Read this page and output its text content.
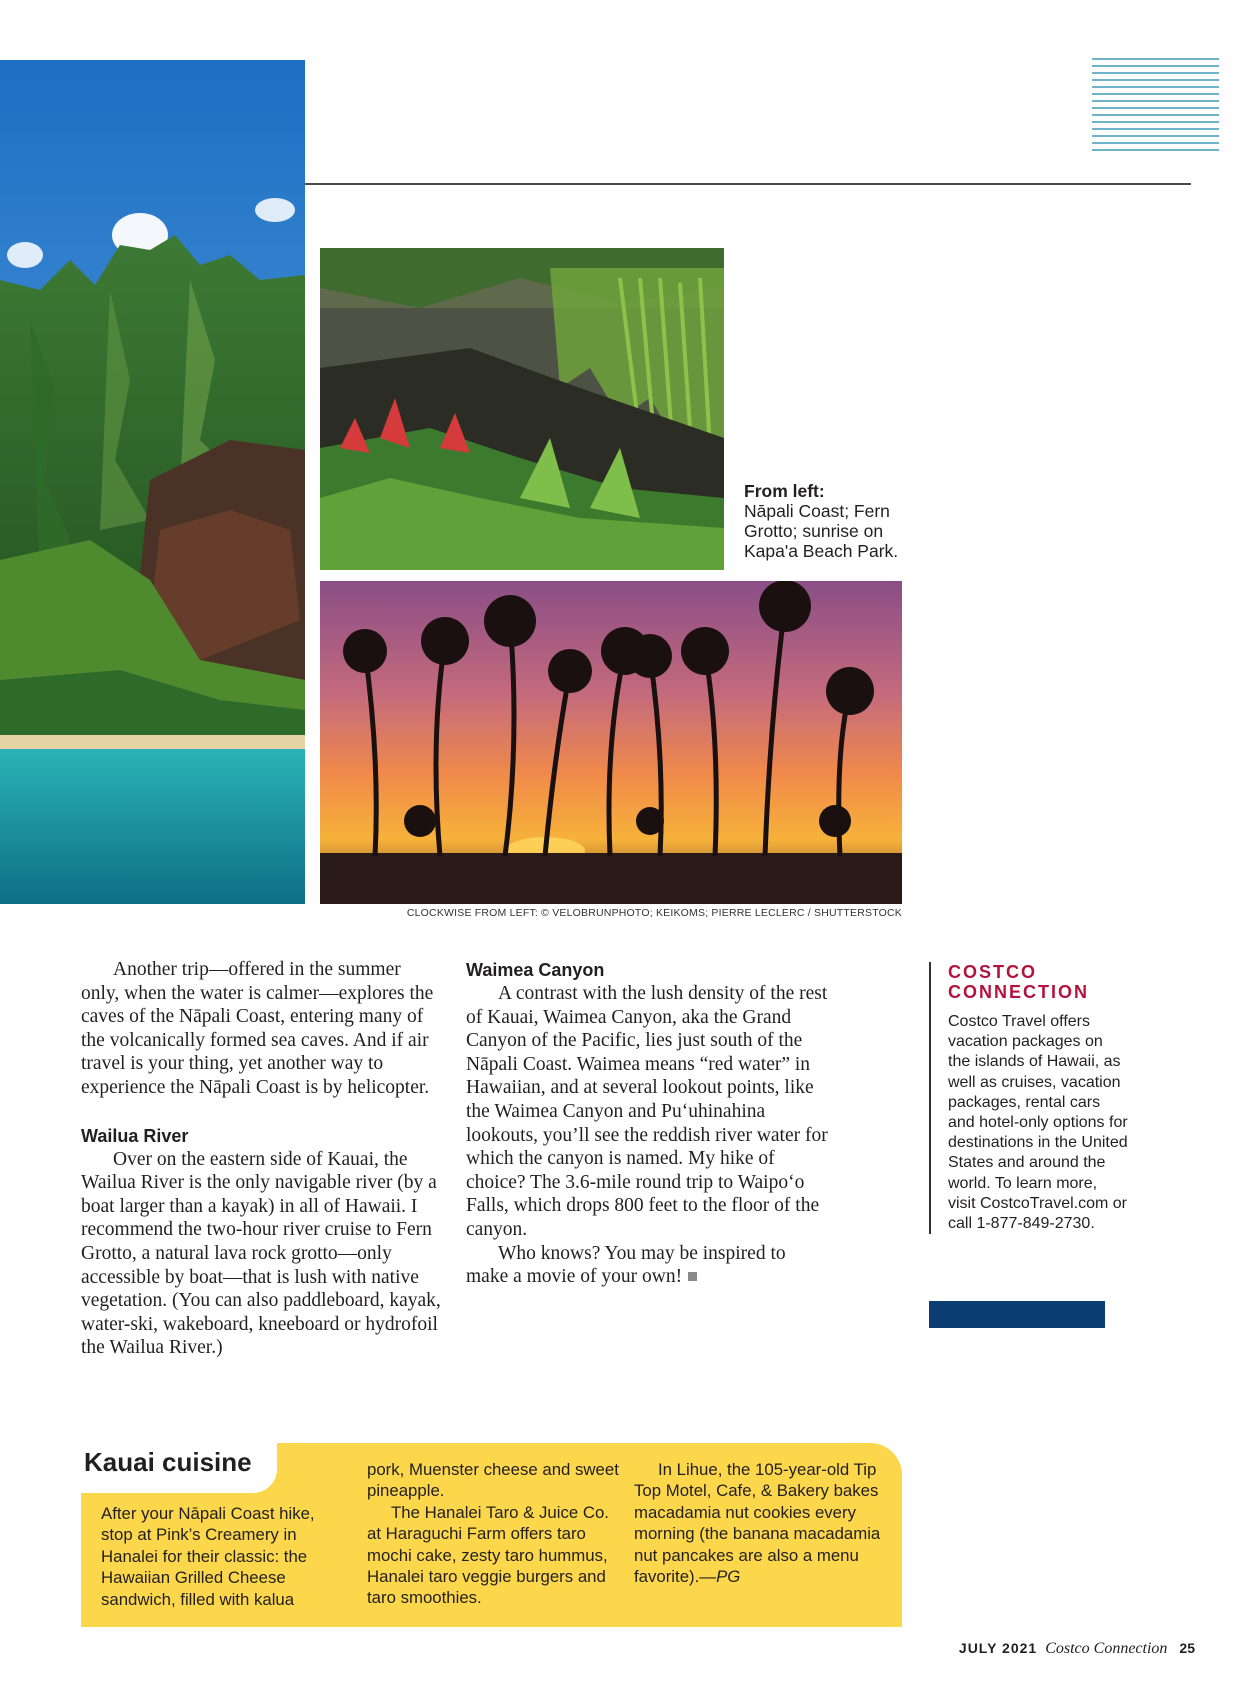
From left:
Nāpali Coast; Fern Grotto; sunrise on Kapa'a Beach Park.
CLOCKWISE FROM LEFT: © VELOBRUNPHOTO; KEIKOMS; PIERRE LECLERC / SHUTTERSTOCK

Another trip—offered in the summer only, when the water is calmer—explores the caves of the Nāpali Coast, entering many of the volcanically formed sea caves. And if air travel is your thing, yet another way to experience the Nāpali Coast is by helicopter.

Wailua River

Over on the eastern side of Kauai, the Wailua River is the only navigable river (by a boat larger than a kayak) in all of Hawaii. I recommend the two-hour river cruise to Fern Grotto, a natural lava rock grotto—only accessible by boat—that is lush with native vegetation. (You can also paddleboard, kayak, water-ski, wakeboard, kneeboard or hydrofoil the Wailua River.)

Waimea Canyon

A contrast with the lush density of the rest of Kauai, Waimea Canyon, aka the Grand Canyon of the Pacific, lies just south of the Nāpali Coast. Waimea means “red water” in Hawaiian, and at several lookout points, like the Waimea Canyon and Pu‘uhinahina lookouts, you’ll see the reddish river water for which the canyon is named. My hike of choice? The 3.6-mile round trip to Waipo‘o Falls, which drops 800 feet to the floor of the canyon.

Who knows? You may be inspired to make a movie of your own!

COSTCO
CONNECTION
Costco Travel offers vacation packages on the islands of Hawaii, as well as cruises, vacation packages, rental cars and hotel-only options for destinations in the United States and around the world. To learn more, visit CostcoTravel.com or call 1-877-849-2730.
Kauai cuisine

After your Nāpali Coast hike, stop at Pink’s Creamery in Hanalei for their classic: the Hawaiian Grilled Cheese sandwich, filled with kalua

pork, Muenster cheese and sweet pineapple.

The Hanalei Taro & Juice Co. at Haraguchi Farm offers taro mochi cake, zesty taro hummus, Hanalei taro veggie burgers and taro smoothies.

In Lihue, the 105-year-old Tip Top Motel, Cafe, & Bakery bakes macadamia nut cookies every morning (the banana macadamia nut pancakes are also a menu favorite).—PG

JULY 2021 Costco Connection 25
